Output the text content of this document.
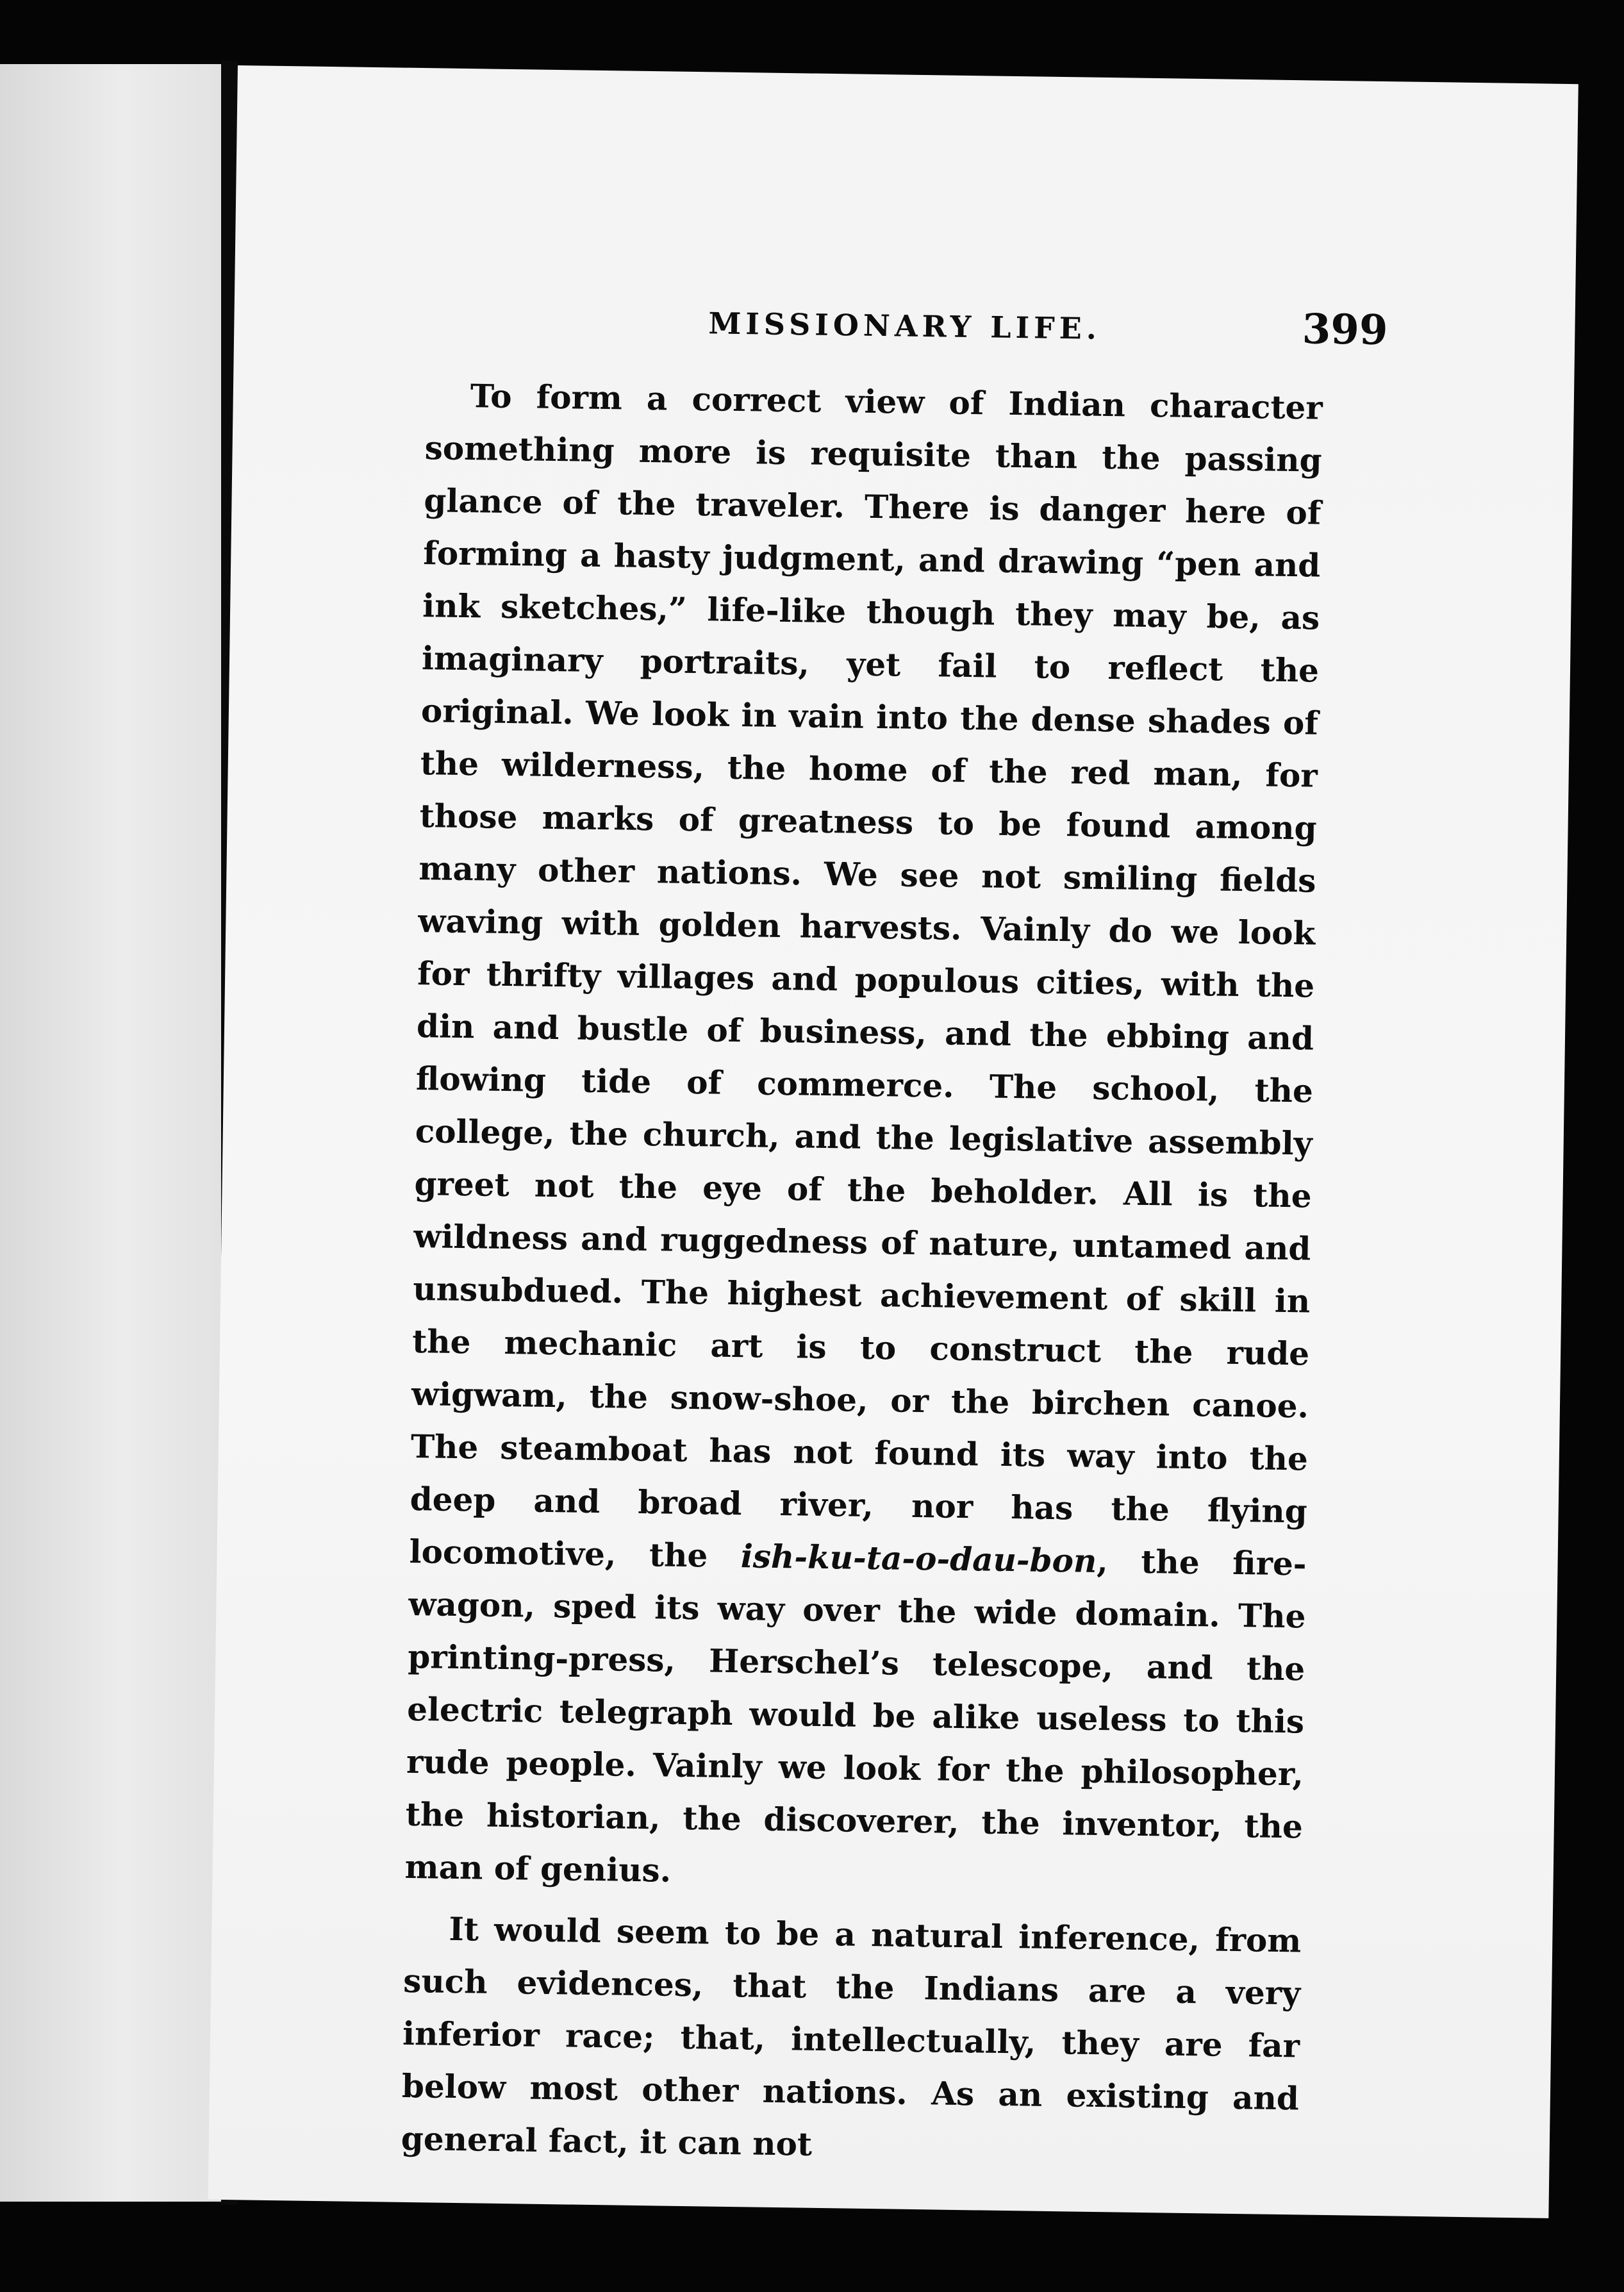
MISSIONARY LIFE.	399

To form a correct view of Indian character something more is requisite than the passing glance of the traveler. There is danger here of forming a hasty judgment, and drawing “pen and ink sketches,” life-like though they may be, as imaginary portraits, yet fail to reflect the original. We look in vain into the dense shades of the wilderness, the home of the red man, for those marks of greatness to be found among many other nations. We see not smiling fields waving with golden harvests. Vainly do we look for thrifty villages and populous cities, with the din and bustle of business, and the ebbing and flowing tide of commerce. The school, the college, the church, and the legislative assembly greet not the eye of the beholder. All is the wildness and ruggedness of nature, untamed and unsubdued. The highest achievement of skill in the mechanic art is to construct the rude wigwam, the snow-shoe, or the birchen canoe. The steamboat has not found its way into the deep and broad river, nor has the flying locomotive, the ish-ku-ta-o-dau-bon, the fire-wagon, sped its way over the wide domain. The printing-press, Herschel’s telescope, and the electric telegraph would be alike useless to this rude people. Vainly we look for the philosopher, the historian, the discoverer, the inventor, the man of genius.

It would seem to be a natural inference, from such evidences, that the Indians are a very inferior race; that, intellectually, they are far below most other nations. As an existing and general fact, it can not
